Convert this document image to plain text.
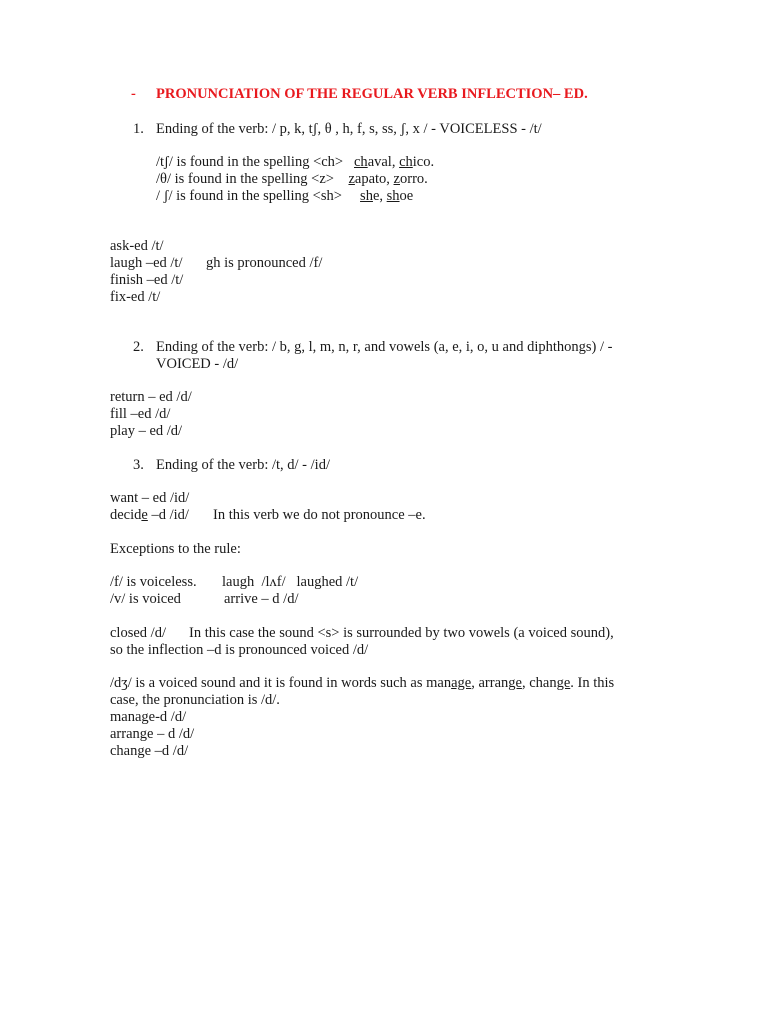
- PRONUNCIATION OF THE REGULAR VERB INFLECTION– ED.
1. Ending of the verb: / p, k, tʃ, θ , h, f, s, ss, ʃ, x / - VOICELESS - /t/
/tʃ/ is found in the spelling <ch>   chaval, chico.
/θ/ is found in the spelling <z>    zapato, zorro.
/ ʃ/ is found in the spelling <sh>     she, shoe
ask-ed /t/
laugh –ed /t/ gh is pronounced /f/
finish –ed /t/
fix-ed /t/
2. Ending of the verb: / b, g, l, m, n, r, and vowels (a, e, i, o, u and diphthongs) / -
VOICED - /d/
return – ed /d/
fill –ed /d/
play – ed /d/
3. Ending of the verb: /t, d/ - /id/
want – ed /id/
decide –d /id/ In this verb we do not pronounce –e.
Exceptions to the rule:
/f/ is voiceless. laugh  /lʌf/   laughed /t/
/v/ is voiced	arrive – d /d/
closed /d/ In this case the sound <s> is surrounded by two vowels (a voiced sound),
so the inflection –d is pronounced voiced /d/
/dʒ/ is a voiced sound and it is found in words such as manage, arrange, change. In this
case, the pronunciation is /d/.
manage-d /d/
arrange – d /d/
change –d /d/
